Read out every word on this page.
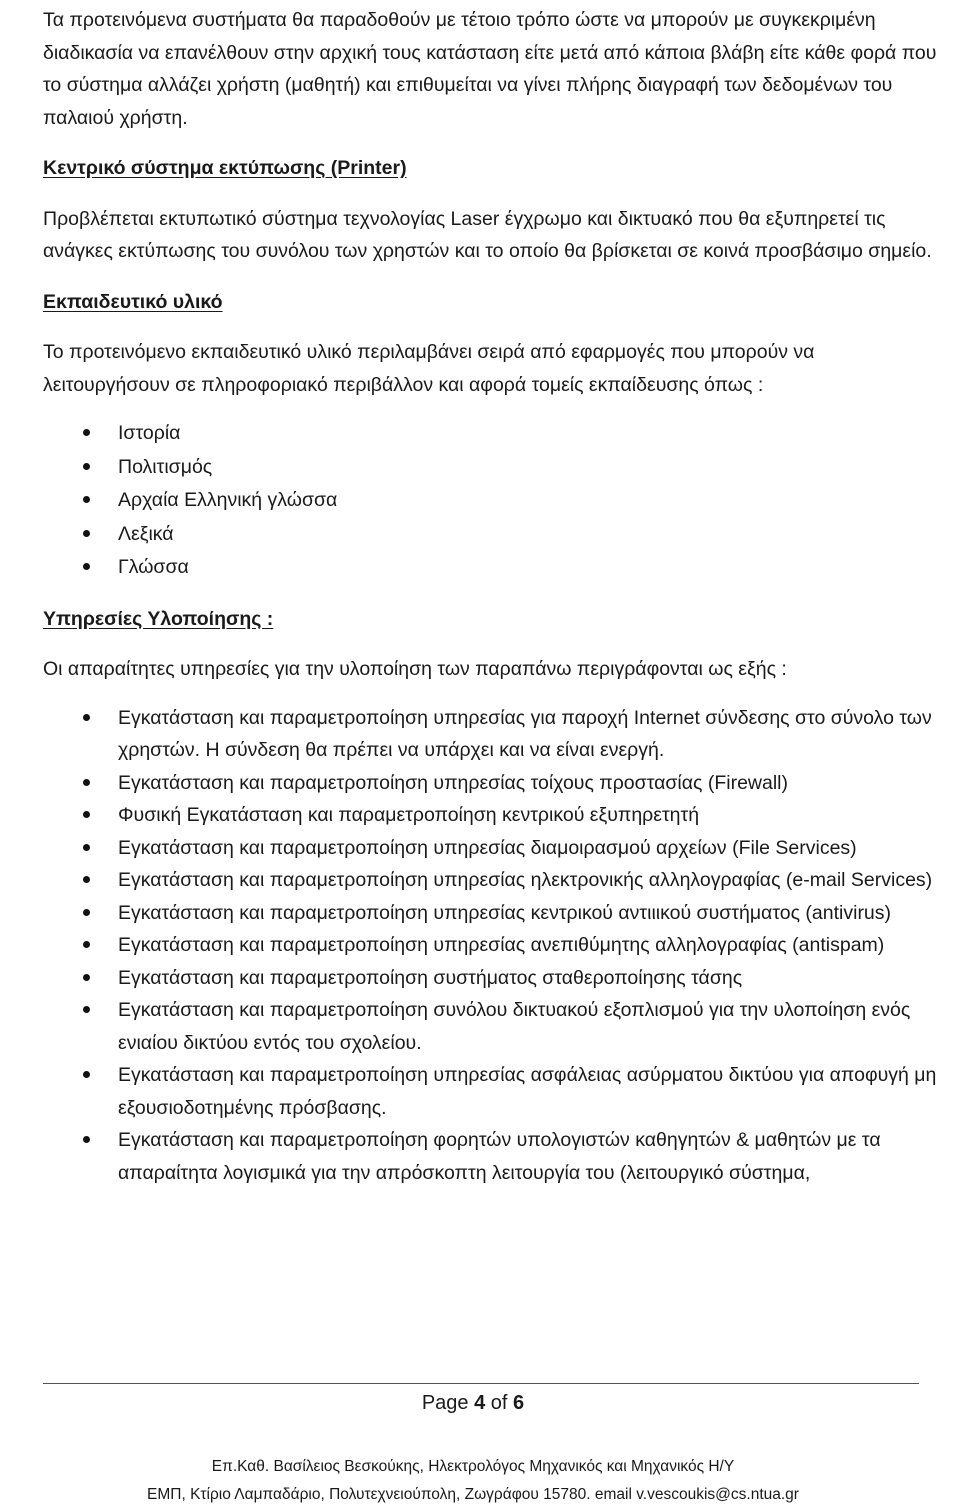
Τα προτεινόμενα συστήματα θα παραδοθούν με τέτοιο τρόπο ώστε να μπορούν με συγκεκριμένη διαδικασία να επανέλθουν στην αρχική τους κατάσταση είτε μετά από κάποια βλάβη είτε κάθε φορά που το σύστημα αλλάζει χρήστη (μαθητή) και επιθυμείται να γίνει πλήρης διαγραφή των δεδομένων του παλαιού χρήστη.

Κεντρικό σύστημα εκτύπωσης (Printer)

Προβλέπεται εκτυπωτικό σύστημα τεχνολογίας Laser έγχρωμο και δικτυακό που θα εξυπηρετεί τις ανάγκες εκτύπωσης του συνόλου των χρηστών και το οποίο θα βρίσκεται σε κοινά προσβάσιμο σημείο.

Εκπαιδευτικό υλικό

Το προτεινόμενο εκπαιδευτικό υλικό περιλαμβάνει σειρά από εφαρμογές που μπορούν να λειτουργήσουν σε πληροφοριακό περιβάλλον και αφορά τομείς εκπαίδευσης όπως :

Ιστορία
Πολιτισμός
Αρχαία Ελληνική γλώσσα
Λεξικά
Γλώσσα

Υπηρεσίες Υλοποίησης :

Οι απαραίτητες υπηρεσίες για την υλοποίηση των παραπάνω περιγράφονται ως εξής :

Εγκατάσταση και παραμετροποίηση υπηρεσίας για παροχή Internet σύνδεσης στο σύνολο των χρηστών. Η σύνδεση θα πρέπει να υπάρχει και να είναι ενεργή.
Εγκατάσταση και παραμετροποίηση υπηρεσίας τοίχους προστασίας (Firewall)
Φυσική Εγκατάσταση και παραμετροποίηση κεντρικού εξυπηρετητή
Εγκατάσταση και παραμετροποίηση υπηρεσίας διαμοιρασμού αρχείων (File Services)
Εγκατάσταση και παραμετροποίηση υπηρεσίας ηλεκτρονικής αλληλογραφίας (e-mail Services)
Εγκατάσταση και παραμετροποίηση υπηρεσίας κεντρικού αντιιικού συστήματος (antivirus)
Εγκατάσταση και παραμετροποίηση υπηρεσίας ανεπιθύμητης αλληλογραφίας (antispam)
Εγκατάσταση και παραμετροποίηση συστήματος σταθεροποίησης τάσης
Εγκατάσταση και παραμετροποίηση συνόλου δικτυακού εξοπλισμού για την υλοποίηση ενός ενιαίου δικτύου εντός του σχολείου.
Εγκατάσταση και παραμετροποίηση υπηρεσίας ασφάλειας ασύρματου δικτύου για αποφυγή μη εξουσιοδοτημένης πρόσβασης.
Εγκατάσταση και παραμετροποίηση φορητών υπολογιστών καθηγητών & μαθητών με τα απαραίτητα λογισμικά για την απρόσκοπτη λειτουργία του (λειτουργικό σύστημα,
Page 4 of 6
Επ.Καθ. Βασίλειος Βεσκούκης, Ηλεκτρολόγος Μηχανικός και Μηχανικός Η/Υ
ΕΜΠ, Κτίριο Λαμπαδάριο, Πολυτεχνειούπολη, Ζωγράφου 15780. email v.vescoukis@cs.ntua.gr
